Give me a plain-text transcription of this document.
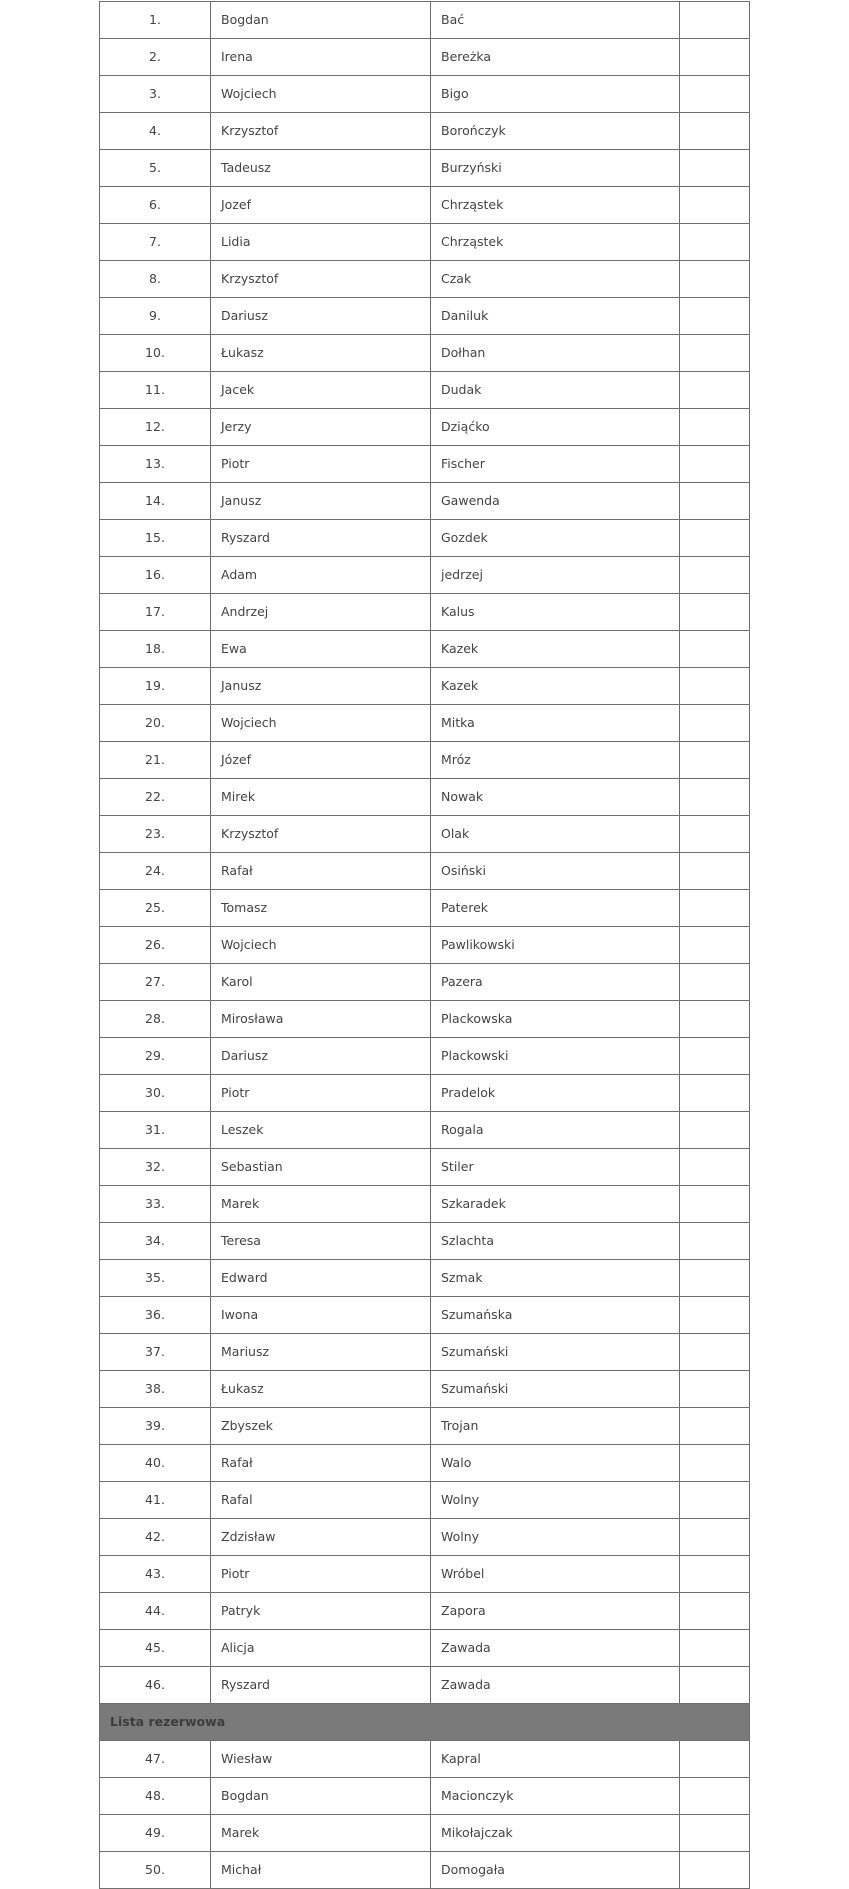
1.	Bogdan	Bać	
2.	Irena	Bereżka	
3.	Wojciech	Bigo	
4.	Krzysztof	Borończyk	
5.	Tadeusz	Burzyński	
6.	Jozef	Chrząstek	
7.	Lidia	Chrząstek	
8.	Krzysztof	Czak	
9.	Dariusz	Daniluk	
10.	Łukasz	Dołhan	
11.	Jacek	Dudak	
12.	Jerzy	Dziąćko	
13.	Piotr	Fischer	
14.	Janusz	Gawenda	
15.	Ryszard	Gozdek	
16.	Adam	jedrzej	
17.	Andrzej	Kalus	
18.	Ewa	Kazek	
19.	Janusz	Kazek	
20.	Wojciech	Mitka	
21.	Józef	Mróz	
22.	Mirek	Nowak	
23.	Krzysztof	Olak	
24.	Rafał	Osiński	
25.	Tomasz	Paterek	
26.	Wojciech	Pawlikowski	
27.	Karol	Pazera	
28.	Mirosława	Plackowska	
29.	Dariusz	Plackowski	
30.	Piotr	Pradelok	
31.	Leszek	Rogala	
32.	Sebastian	Stiler	
33.	Marek	Szkaradek	
34.	Teresa	Szlachta	
35.	Edward	Szmak	
36.	Iwona	Szumańska	
37.	Mariusz	Szumański	
38.	Łukasz	Szumański	
39.	Zbyszek	Trojan	
40.	Rafał	Walo	
41.	Rafal	Wolny	
42.	Zdzisław	Wolny	
43.	Piotr	Wróbel	
44.	Patryk	Zapora	
45.	Alicja	Zawada	
46.	Ryszard	Zawada	
Lista rezerwowa			
47.	Wiesław	Kapral	
48.	Bogdan	Macionczyk	
49.	Marek	Mikołajczak	
50.	Michał	Domogała	
